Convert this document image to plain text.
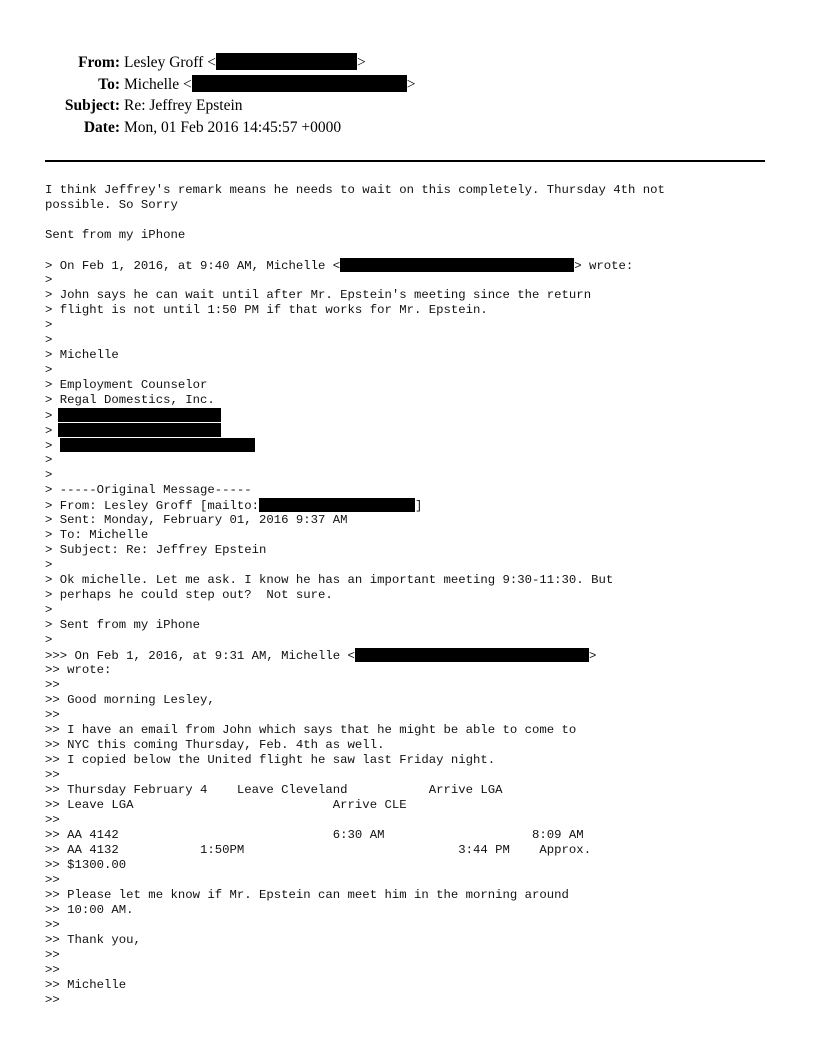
From: Lesley Groff <	>
To: Michelle <	>
Subject: Re: Jeffrey Epstein
Date: Mon, 01 Feb 2016 14:45:57 +0000
I think Jeffrey's remark means he needs to wait on this completely. Thursday 4th not
possible. So Sorry
Sent from my iPhone
> On Feb 1, 2016, at 9:40 AM, Michelle <	> wrote:
>
> John says he can wait until after Mr. Epstein's meeting since the return
> flight is not until 1:50 PM if that works for Mr. Epstein.
>
>
> Michelle
>
> Employment Counselor
> Regal Domestics, Inc.
>
>
>
>
>
> -----Original Message-----
> From: Lesley Groff [mailto:	]
> Sent: Monday, February 01, 2016 9:37 AM
> To: Michelle
> Subject: Re: Jeffrey Epstein
>
> Ok michelle. Let me ask. I know he has an important meeting 9:30-11:30. But
> perhaps he could step out?  Not sure.
>
> Sent from my iPhone
>
>>> On Feb 1, 2016, at 9:31 AM, Michelle <	>
>> wrote:
>>
>> Good morning Lesley,
>>
>> I have an email from John which says that he might be able to come to
>> NYC this coming Thursday, Feb. 4th as well.
>> I copied below the United flight he saw last Friday night.
>>
>> Thursday February 4    Leave Cleveland           Arrive LGA
>> Leave LGA                           Arrive CLE
>>
>> AA 4142                             6:30 AM                    8:09 AM
>> AA 4132           1:50PM                             3:44 PM    Approx.
>> $1300.00
>>
>> Please let me know if Mr. Epstein can meet him in the morning around
>> 10:00 AM.
>>
>> Thank you,
>>
>>
>> Michelle
>>
